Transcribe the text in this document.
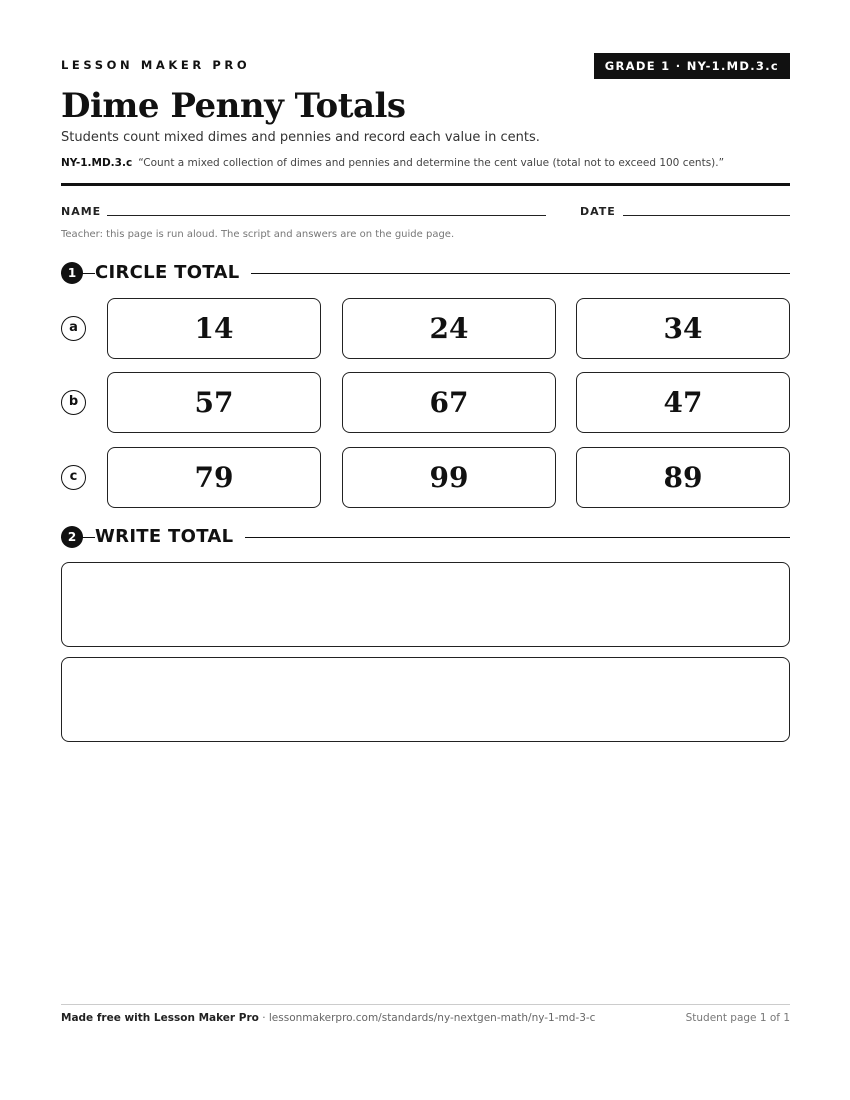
LESSON MAKER PRO	GRADE 1 · NY-1.MD.3.c
Dime Penny Totals
Students count mixed dimes and pennies and record each value in cents.
NY-1.MD.3.c “Count a mixed collection of dimes and pennies and determine the cent value (total not to exceed 100 cents).”
NAME	DATE
Teacher: this page is run aloud. The script and answers are on the guide page.
1	CIRCLE TOTAL
a	14	24	34
b	57	67	47
c	79	99	89
2	WRITE TOTAL
Made free with Lesson Maker Pro · lessonmakerpro.com/standards/ny-nextgen-math/ny-1-md-3-c	Student page 1 of 1
